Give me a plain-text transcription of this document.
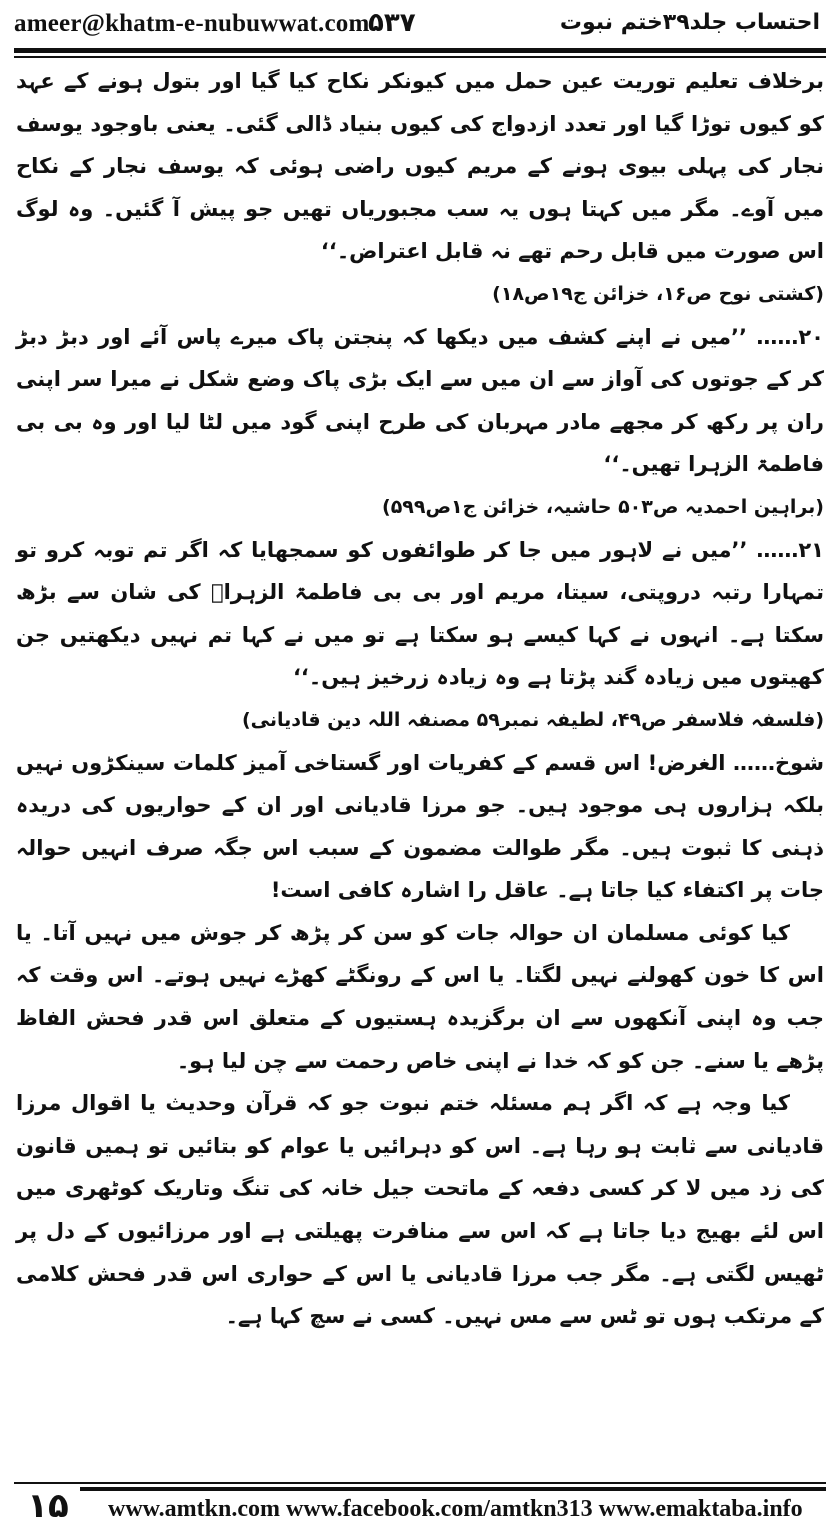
ameer@khatm-e-nubuwwat.com
۵۳۷	احتساب جلد۳۹ختم نبوت

برخلاف تعلیم توریت عین حمل میں کیونکر نکاح کیا گیا اور بتول ہونے کے عہد کو کیوں توڑا گیا اور تعدد ازدواج کی کیوں بنیاد ڈالی گئی۔ یعنی باوجود یوسف نجار کی پہلی بیوی ہونے کے مریم کیوں راضی ہوئی کہ یوسف نجار کے نکاح میں آوے۔ مگر میں کہتا ہوں یہ سب مجبوریاں تھیں جو پیش آ گئیں۔ وہ لوگ اس صورت میں قابل رحم تھے نہ قابل اعتراض۔‘‘

(کشتی نوح ص۱۶، خزائن ج۱۹ص۱۸)

۲۰…… ’’میں نے اپنے کشف میں دیکھا کہ پنجتن پاک میرے پاس آئے اور دبڑ دبڑ کر کے جوتوں کی آواز سے ان میں سے ایک بڑی پاک وضع شکل نے میرا سر اپنی ران پر رکھ کر مجھے مادر مہربان کی طرح اپنی گود میں لٹا لیا اور وہ بی بی فاطمۃ الزہرا تھیں۔‘‘

(براہین احمدیہ ص۵۰۳ حاشیہ، خزائن ج۱ص۵۹۹)

۲۱…… ’’میں نے لاہور میں جا کر طوائفوں کو سمجھایا کہ اگر تم توبہ کرو تو تمہارا رتبہ دروپتی، سیتا، مریم اور بی بی فاطمۃ الزہراؓ کی شان سے بڑھ سکتا ہے۔ انہوں نے کہا کیسے ہو سکتا ہے تو میں نے کہا تم نہیں دیکھتیں جن کھیتوں میں زیادہ گند پڑتا ہے وہ زیادہ زرخیز ہیں۔‘‘

(فلسفہ فلاسفر ص۴۹، لطیفہ نمبر۵۹ مصنفہ اللہ دین قادیانی)

شوخ…… الغرض! اس قسم کے کفریات اور گستاخی آمیز کلمات سینکڑوں نہیں بلکہ ہزاروں ہی موجود ہیں۔ جو مرزا قادیانی اور ان کے حواریوں کی دریدہ ذہنی کا ثبوت ہیں۔ مگر طوالت مضمون کے سبب اس جگہ صرف انہیں حوالہ جات پر اکتفاء کیا جاتا ہے۔ عاقل را اشارہ کافی است!

کیا کوئی مسلمان ان حوالہ جات کو سن کر پڑھ کر جوش میں نہیں آتا۔ یا اس کا خون کھولنے نہیں لگتا۔ یا اس کے رونگٹے کھڑے نہیں ہوتے۔ اس وقت کہ جب وہ اپنی آنکھوں سے ان برگزیدہ ہستیوں کے متعلق اس قدر فحش الفاظ پڑھے یا سنے۔ جن کو کہ خدا نے اپنی خاص رحمت سے چن لیا ہو۔

کیا وجہ ہے کہ اگر ہم مسئلہ ختم نبوت جو کہ قرآن وحدیث یا اقوال مرزا قادیانی سے ثابت ہو رہا ہے۔ اس کو دہرائیں یا عوام کو بتائیں تو ہمیں قانون کی زد میں لا کر کسی دفعہ کے ماتحت جیل خانہ کی تنگ وتاریک کوٹھری میں اس لئے بھیج دیا جاتا ہے کہ اس سے منافرت پھیلتی ہے اور مرزائیوں کے دل پر ٹھیس لگتی ہے۔ مگر جب مرزا قادیانی یا اس کے حواری اس قدر فحش کلامی کے مرتکب ہوں تو ٹس سے مس نہیں۔ کسی نے سچ کہا ہے۔

۱۵	www.amtkn.com www.facebook.com/amtkn313 www.emaktaba.info
